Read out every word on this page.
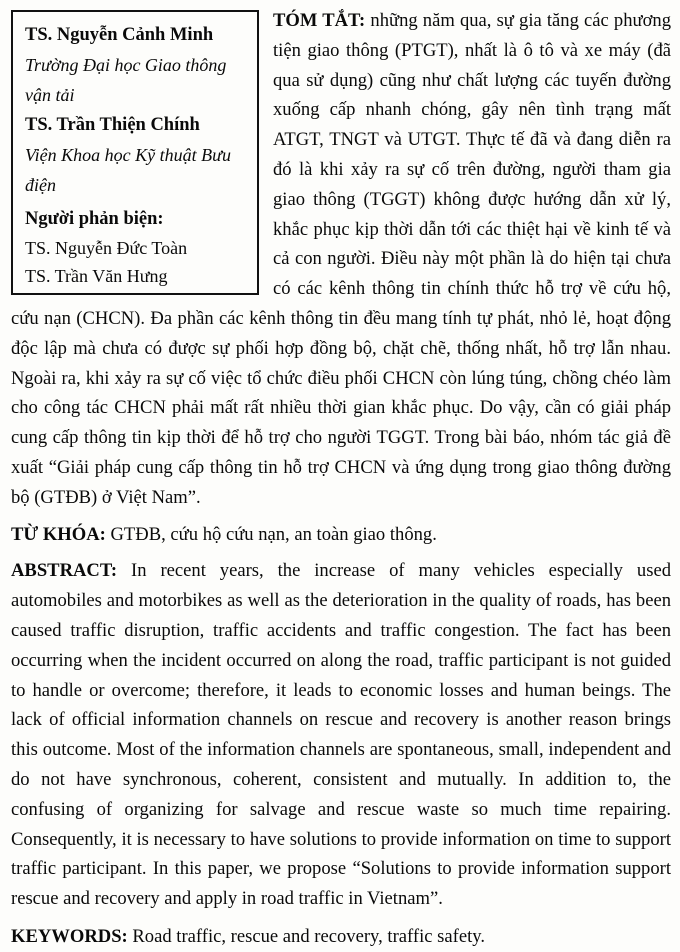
TS. Nguyễn Cảnh Minh
Trường Đại học Giao thông vận tải
TS. Trần Thiện Chính
Viện Khoa học Kỹ thuật Bưu điện
Người phản biện:
TS. Nguyễn Đức Toàn
TS. Trần Văn Hưng

TÓM TẮT: những năm qua, sự gia tăng các phương tiện giao thông (PTGT), nhất là ô tô và xe máy (đã qua sử dụng) cũng như chất lượng các tuyến đường xuống cấp nhanh chóng, gây nên tình trạng mất ATGT, TNGT và UTGT. Thực tế đã và đang diễn ra đó là khi xảy ra sự cố trên đường, người tham gia giao thông (TGGT) không được hướng dẫn xử lý, khắc phục kịp thời dẫn tới các thiệt hại về kinh tế và cả con người. Điều này một phần là do hiện tại chưa có các kênh thông tin chính thức hỗ trợ về cứu hộ, cứu nạn (CHCN). Đa phần các kênh thông tin đều mang tính tự phát, nhỏ lẻ, hoạt động độc lập mà chưa có được sự phối hợp đồng bộ, chặt chẽ, thống nhất, hỗ trợ lẫn nhau. Ngoài ra, khi xảy ra sự cố việc tổ chức điều phối CHCN còn lúng túng, chồng chéo làm cho công tác CHCN phải mất rất nhiều thời gian khắc phục. Do vậy, cần có giải pháp cung cấp thông tin kịp thời để hỗ trợ cho người TGGT. Trong bài báo, nhóm tác giả đề xuất “Giải pháp cung cấp thông tin hỗ trợ CHCN và ứng dụng trong giao thông đường bộ (GTĐB) ở Việt Nam”.

TỪ KHÓA: GTĐB, cứu hộ cứu nạn, an toàn giao thông.

ABSTRACT: In recent years, the increase of many vehicles especially used automobiles and motorbikes as well as the deterioration in the quality of roads, has been caused traffic disruption, traffic accidents and traffic congestion. The fact has been occurring when the incident occurred on along the road, traffic participant is not guided to handle or overcome; therefore, it leads to economic losses and human beings. The lack of official information channels on rescue and recovery is another reason brings this outcome. Most of the information channels are spontaneous, small, independent and do not have synchronous, coherent, consistent and mutually. In addition to, the confusing of organizing for salvage and rescue waste so much time repairing. Consequently, it is necessary to have solutions to provide information on time to support traffic participant. In this paper, we propose “Solutions to provide information support rescue and recovery and apply in road traffic in Vietnam”.

KEYWORDS: Road traffic, rescue and recovery, traffic safety.
